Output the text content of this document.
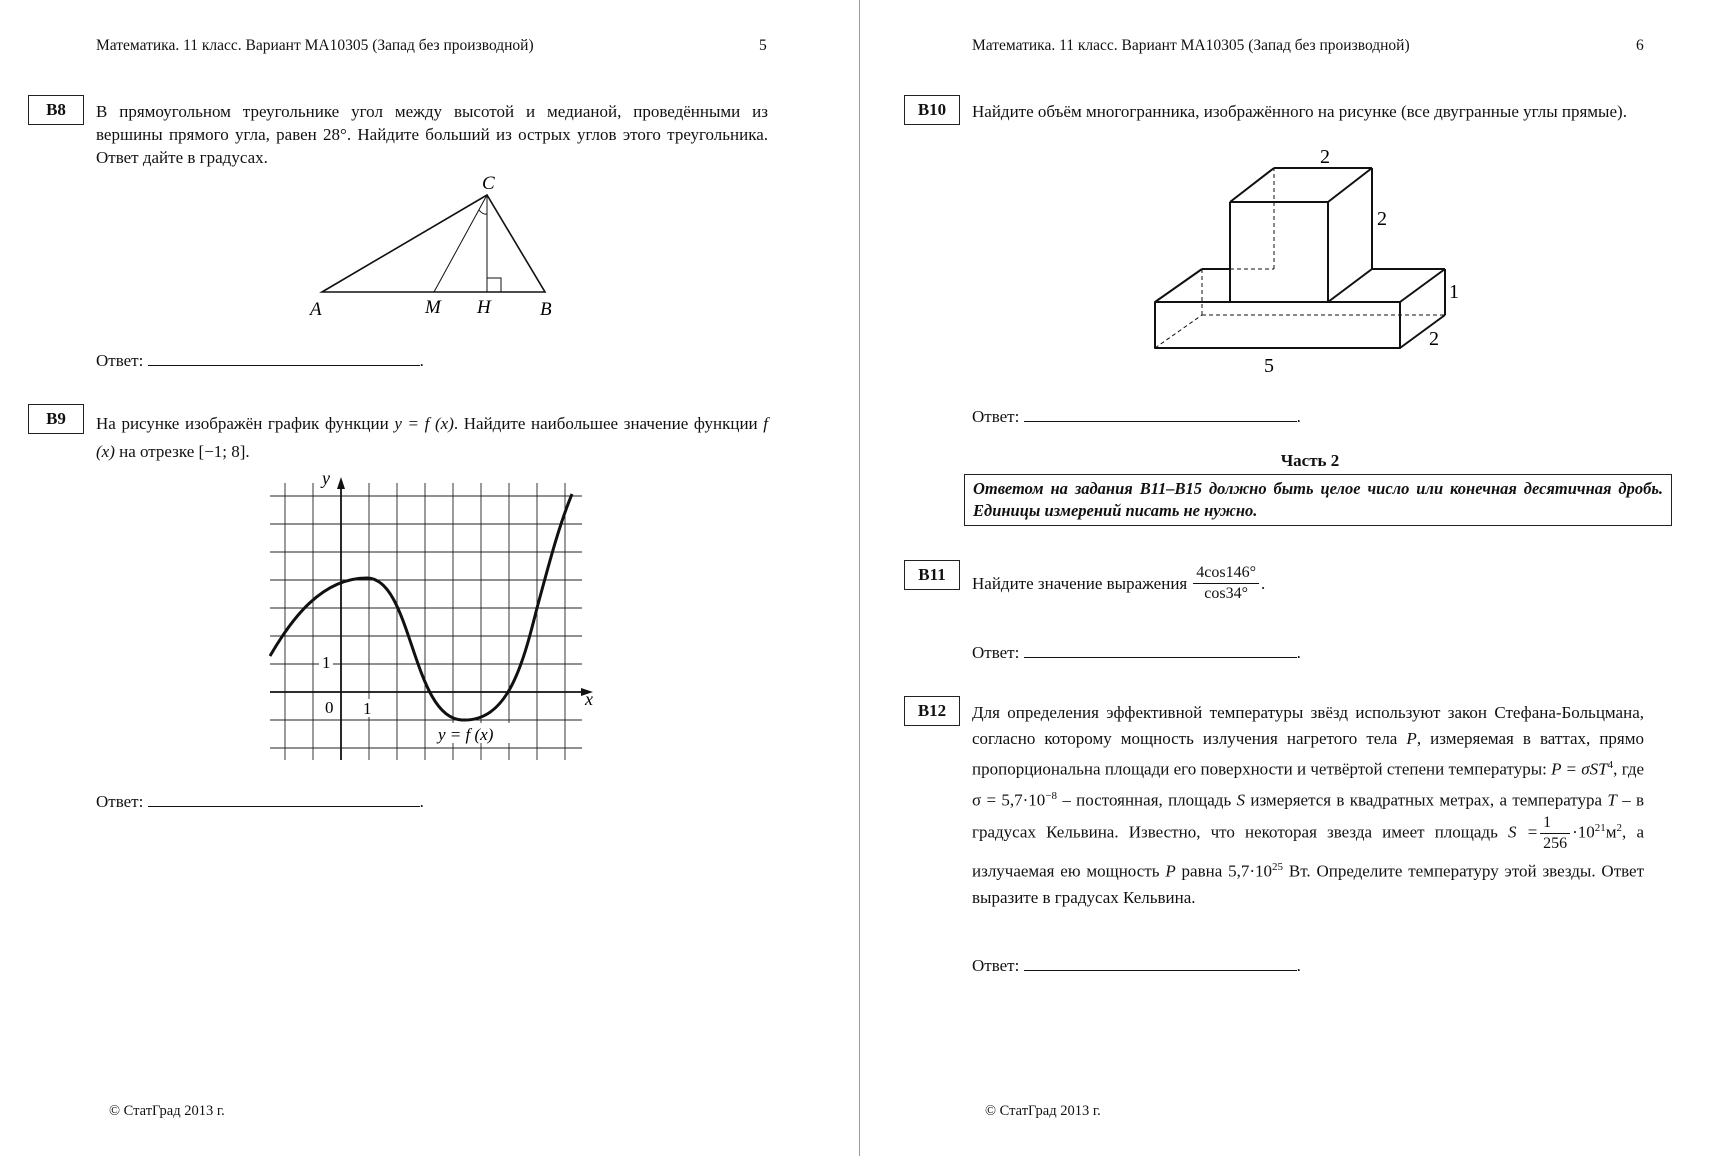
Математика. 11 класс. Вариант МА10305 (Запад без производной)	5
B8	В прямоугольном треугольнике угол между высотой и медианой, проведёнными из вершины прямого угла, равен 28°. Найдите больший из острых углов этого треугольника. Ответ дайте в градусах.
C
A	M H	B
Ответ:	.
B9	На рисунке изображён график функции y = f (x). Найдите наибольшее значение функции f (x) на отрезке [−1; 8].
0 1
1
y
x
y = f (x)
Ответ:	.
© СтатГрад 2013 г.
Математика. 11 класс. Вариант МА10305 (Запад без производной)	6
B10	Найдите объём многогранника, изображённого на рисунке (все двугранные углы прямые).
2
2
1
2
5
Ответ:	.
Часть 2
Ответом на задания B11–B15 должно быть целое число или конечная десятичная дробь. Единицы измерений писать не нужно.
B11	Найдите значение выражения $\frac{4\cos 146^\circ}{\cos 34^\circ}$ .
Ответ:	.
B12	Для определения эффективной температуры звёзд используют закон Стефана-Больцмана, согласно которому мощность излучения нагретого тела P, измеряемая в ваттах, прямо пропорциональна площади его поверхности и четвёртой степени температуры: P = σST$^4$, где $\sigma = 5,7\cdot 10^{-8}$ – постоянная, площадь S измеряется в квадратных метрах, а температура T – в градусах Кельвина. Известно, что некоторая звезда имеет площадь $S = \frac{1}{256} \cdot 10^{21}м^2$, а излучаемая ею мощность P равна $5,7\cdot 10^{25}$ Вт. Определите температуру этой звезды. Ответ выразите в градусах Кельвина.
Ответ:	.
© СтатГрад 2013 г.
